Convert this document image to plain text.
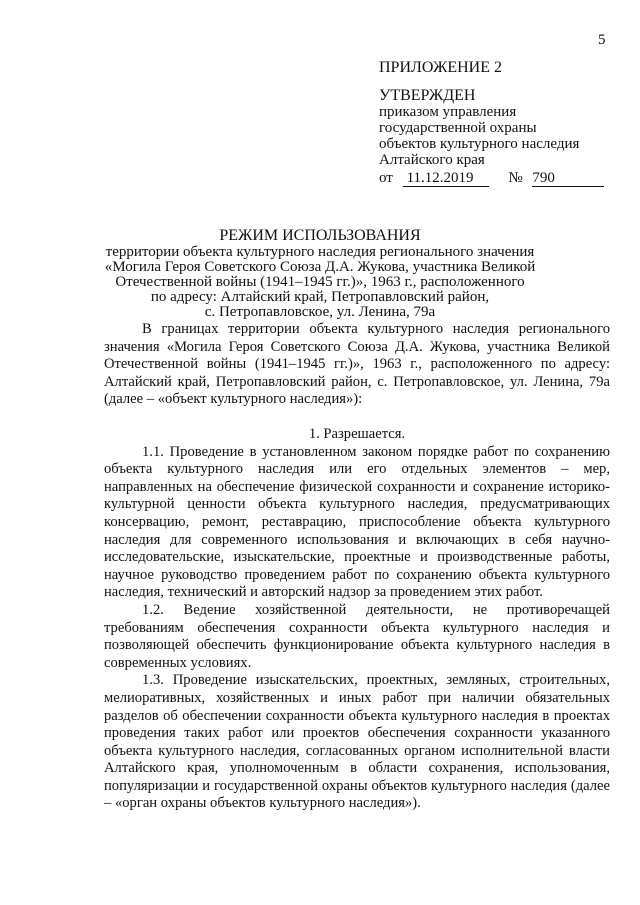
5
ПРИЛОЖЕНИЕ 2
УТВЕРЖДЕН
приказом управления
государственной охраны
объектов культурного наследия
Алтайского края
от 11.12.2019 № 790
РЕЖИМ ИСПОЛЬЗОВАНИЯ
территории объекта культурного наследия регионального значения
«Могила Героя Советского Союза Д.А. Жукова, участника Великой
Отечественной войны (1941–1945 гг.)», 1963 г., расположенного
по адресу: Алтайский край, Петропавловский район,
с. Петропавловское, ул. Ленина, 79а

В границах территории объекта культурного наследия регионального значения «Могила Героя Советского Союза Д.А. Жукова, участника Великой Отечественной войны (1941–1945 гг.)», 1963 г., расположенного по адресу: Алтайский край, Петропавловский район, с. Петропавловское, ул. Ленина, 79а (далее – «объект культурного наследия»):

1. Разрешается.

1.1. Проведение в установленном законом порядке работ по сохранению объекта культурного наследия или его отдельных элементов – мер, направленных на обеспечение физической сохранности и сохранение историко-культурной ценности объекта культурного наследия, предусматривающих консервацию, ремонт, реставрацию, приспособление объекта культурного наследия для современного использования и включающих в себя научно-исследовательские, изыскательские, проектные и производственные работы, научное руководство проведением работ по сохранению объекта культурного наследия, технический и авторский надзор за проведением этих работ.

1.2. Ведение хозяйственной деятельности, не противоречащей требованиям обеспечения сохранности объекта культурного наследия и позволяющей обеспечить функционирование объекта культурного наследия в современных условиях.

1.3. Проведение изыскательских, проектных, земляных, строительных, мелиоративных, хозяйственных и иных работ при наличии обязательных разделов об обеспечении сохранности объекта культурного наследия в проектах проведения таких работ или проектов обеспечения сохранности указанного объекта культурного наследия, согласованных органом исполнительной власти Алтайского края, уполномоченным в области сохранения, использования, популяризации и государственной охраны объектов культурного наследия (далее – «орган охраны объектов культурного наследия»).
